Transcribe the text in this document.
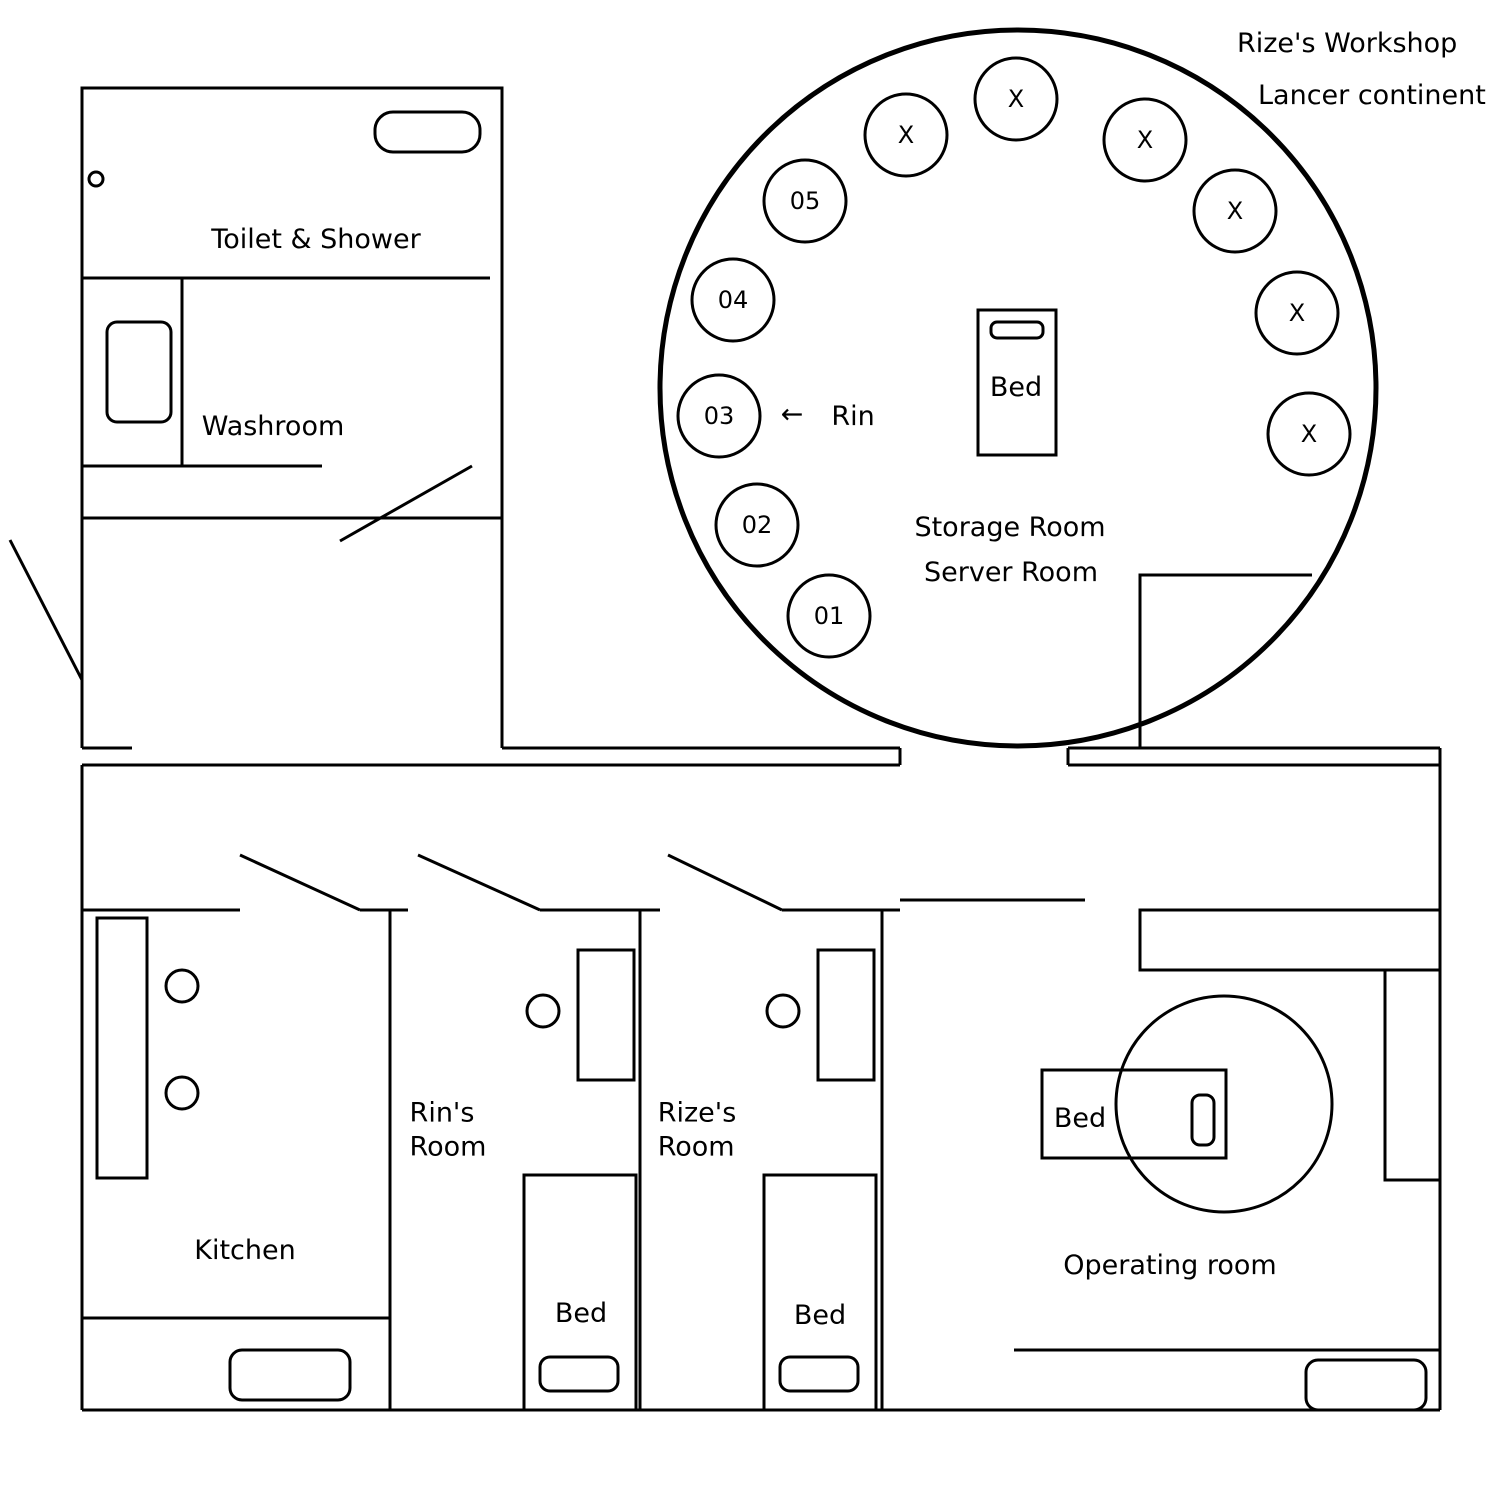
Rize's Workshop
Lancer continent
Toilet & Shower
Washroom
Storage Room
Server Room
Kitchen
Rin's
Room
Rize's
Room
Operating room
Bed
Bed	Bed
Bed
01
02
03
04
05
X
X
X
X
X
X
← Rin
